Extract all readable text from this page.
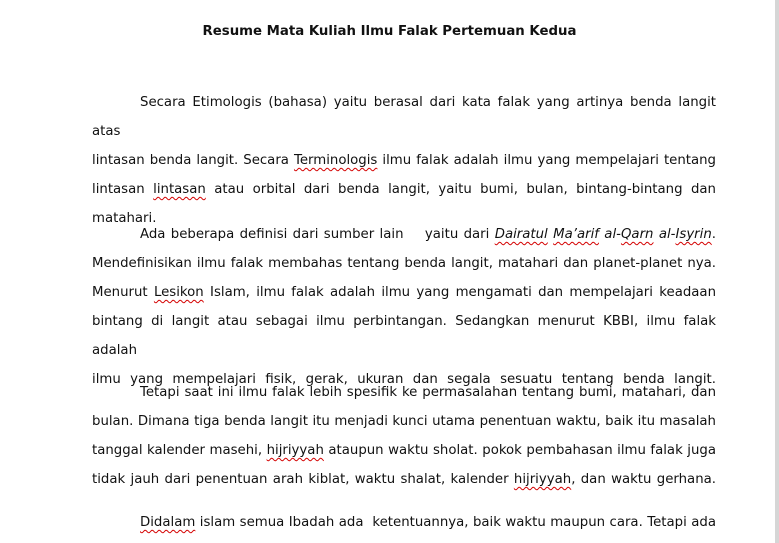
Resume Mata Kuliah Ilmu Falak Pertemuan Kedua
Secara Etimologis (bahasa) yaitu berasal dari kata falak yang artinya benda langit atas
lintasan benda langit. Secara Terminologis ilmu falak adalah ilmu yang mempelajari tentang
lintasan lintasan atau orbital dari benda langit, yaitu bumi, bulan, bintang-bintang dan
matahari.
Ada beberapa definisi dari sumber lain    yaitu dari Dairatul Ma’arif al-Qarn al-Isyrin.
Mendefinisikan ilmu falak membahas tentang benda langit, matahari dan planet-planet nya.
Menurut Lesikon Islam, ilmu falak adalah ilmu yang mengamati dan mempelajari keadaan
bintang di langit atau sebagai ilmu perbintangan. Sedangkan menurut KBBI, ilmu falak adalah
ilmu yang mempelajari fisik, gerak, ukuran dan segala sesuatu tentang benda langit.
Tetapi saat ini ilmu falak lebih spesifik ke permasalahan tentang bumi, matahari, dan
bulan. Dimana tiga benda langit itu menjadi kunci utama penentuan waktu, baik itu masalah
tanggal kalender masehi, hijriyyah ataupun waktu sholat. pokok pembahasan ilmu falak juga
tidak jauh dari penentuan arah kiblat, waktu shalat, kalender hijriyyah, dan waktu gerhana.
Didalam islam semua Ibadah ada  ketentuannya, baik waktu maupun cara. Tetapi ada
